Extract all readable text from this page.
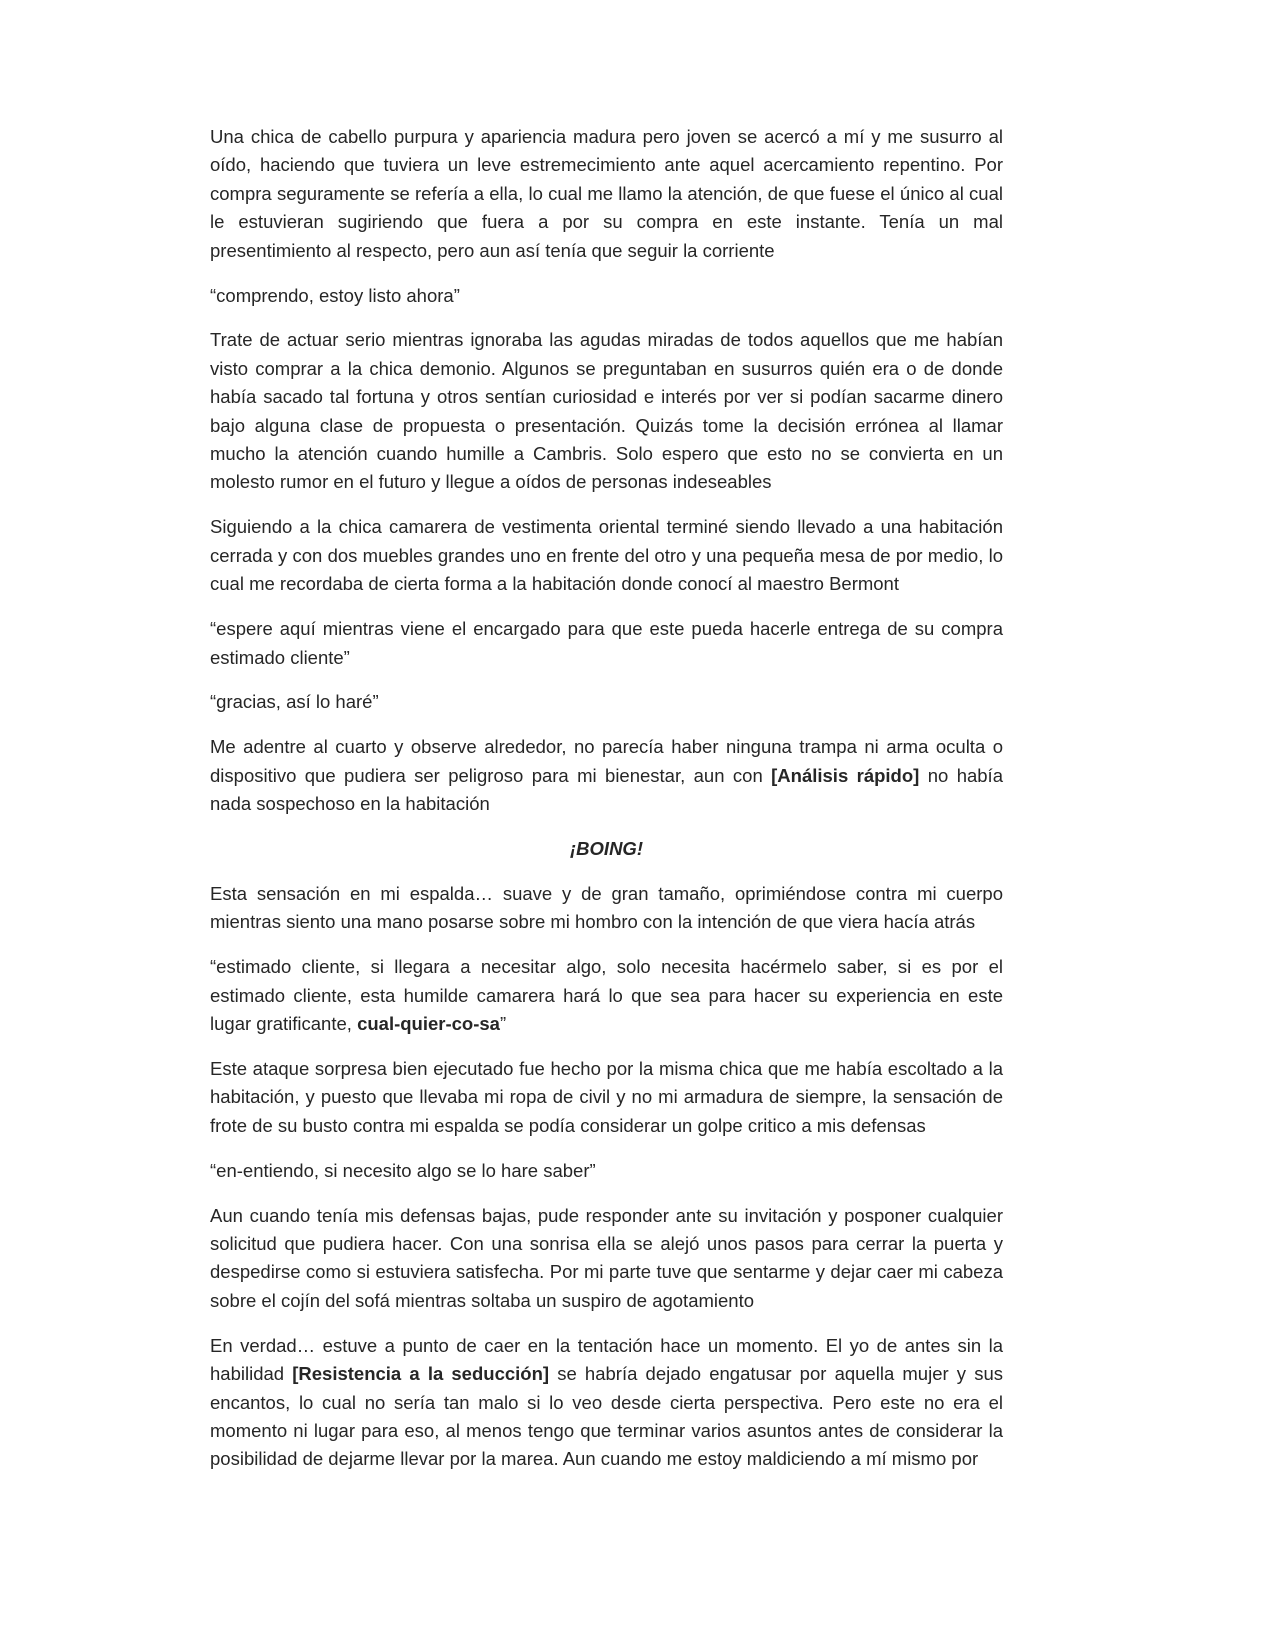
Una chica de cabello purpura y apariencia madura pero joven se acercó a mí y me susurro al oído, haciendo que tuviera un leve estremecimiento ante aquel acercamiento repentino. Por compra seguramente se refería a ella, lo cual me llamo la atención, de que fuese el único al cual le estuvieran sugiriendo que fuera a por su compra en este instante. Tenía un mal presentimiento al respecto, pero aun así tenía que seguir la corriente

“comprendo, estoy listo ahora”

Trate de actuar serio mientras ignoraba las agudas miradas de todos aquellos que me habían visto comprar a la chica demonio. Algunos se preguntaban en susurros quién era o de donde había sacado tal fortuna y otros sentían curiosidad e interés por ver si podían sacarme dinero bajo alguna clase de propuesta o presentación. Quizás tome la decisión errónea al llamar mucho la atención cuando humille a Cambris. Solo espero que esto no se convierta en un molesto rumor en el futuro y llegue a oídos de personas indeseables

Siguiendo a la chica camarera de vestimenta oriental terminé siendo llevado a una habitación cerrada y con dos muebles grandes uno en frente del otro y una pequeña mesa de por medio, lo cual me recordaba de cierta forma a la habitación donde conocí al maestro Bermont

“espere aquí mientras viene el encargado para que este pueda hacerle entrega de su compra estimado cliente”

“gracias, así lo haré”

Me adentre al cuarto y observe alrededor, no parecía haber ninguna trampa ni arma oculta o dispositivo que pudiera ser peligroso para mi bienestar, aun con [Análisis rápido] no había nada sospechoso en la habitación

¡BOING!

Esta sensación en mi espalda… suave y de gran tamaño, oprimiéndose contra mi cuerpo mientras siento una mano posarse sobre mi hombro con la intención de que viera hacía atrás

“estimado cliente, si llegara a necesitar algo, solo necesita hacérmelo saber, si es por el estimado cliente, esta humilde camarera hará lo que sea para hacer su experiencia en este lugar gratificante, cual-quier-co-sa”

Este ataque sorpresa bien ejecutado fue hecho por la misma chica que me había escoltado a la habitación, y puesto que llevaba mi ropa de civil y no mi armadura de siempre, la sensación de frote de su busto contra mi espalda se podía considerar un golpe critico a mis defensas

“en-entiendo, si necesito algo se lo hare saber”

Aun cuando tenía mis defensas bajas, pude responder ante su invitación y posponer cualquier solicitud que pudiera hacer. Con una sonrisa ella se alejó unos pasos para cerrar la puerta y despedirse como si estuviera satisfecha. Por mi parte tuve que sentarme y dejar caer mi cabeza sobre el cojín del sofá mientras soltaba un suspiro de agotamiento

En verdad… estuve a punto de caer en la tentación hace un momento. El yo de antes sin la habilidad [Resistencia a la seducción] se habría dejado engatusar por aquella mujer y sus encantos, lo cual no sería tan malo si lo veo desde cierta perspectiva. Pero este no era el momento ni lugar para eso, al menos tengo que terminar varios asuntos antes de considerar la posibilidad de dejarme llevar por la marea. Aun cuando me estoy maldiciendo a mí mismo por
